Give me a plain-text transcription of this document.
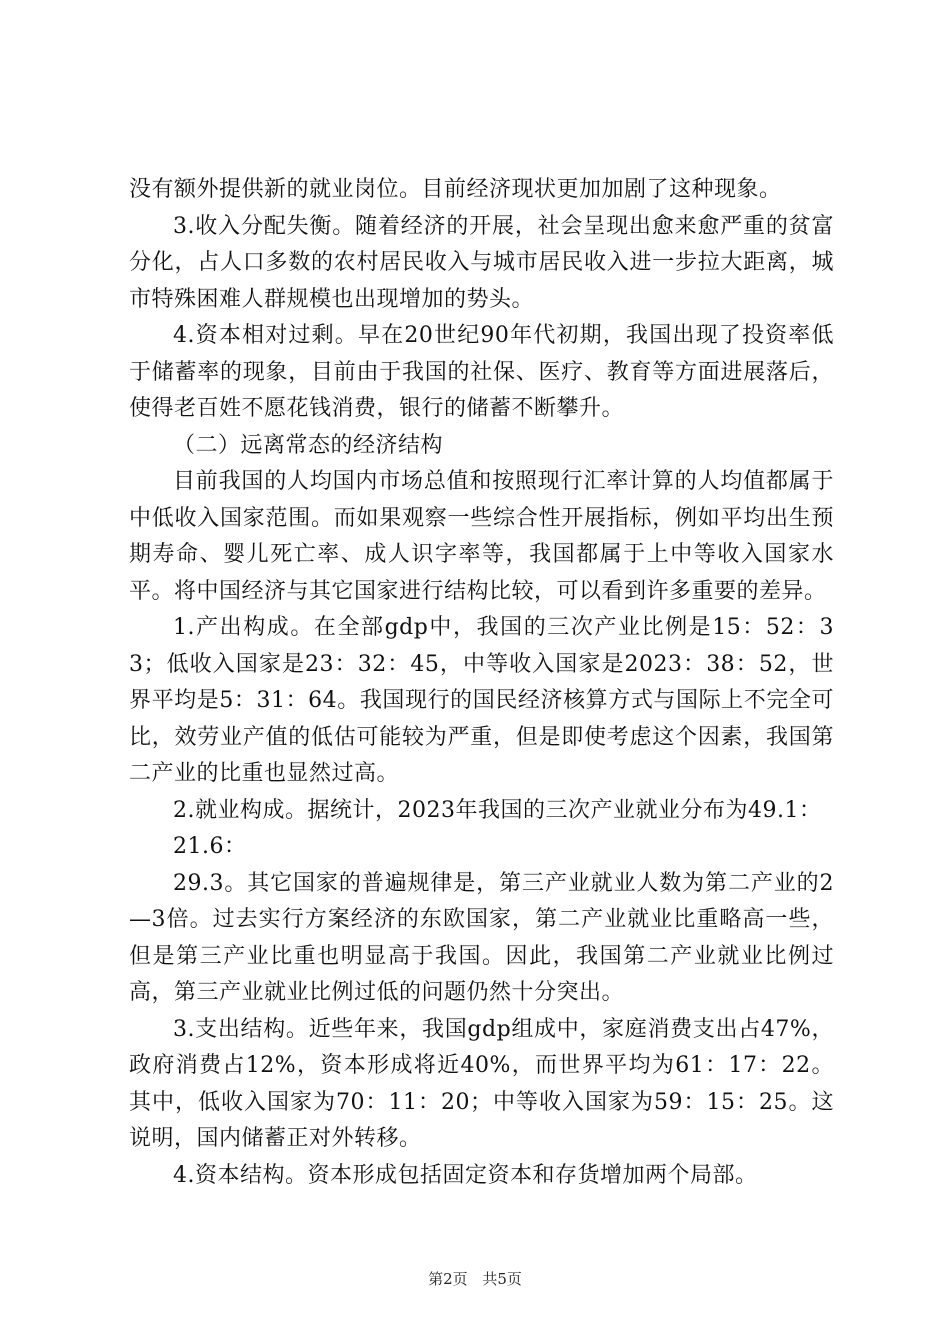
没有额外提供新的就业岗位。目前经济现状更加加剧了这种现象。

3.收入分配失衡。随着经济的开展，社会呈现出愈来愈严重的贫富分化，占人口多数的农村居民收入与城市居民收入进一步拉大距离，城市特殊困难人群规模也出现增加的势头。

4.资本相对过剩。早在20世纪90年代初期，我国出现了投资率低于储蓄率的现象，目前由于我国的社保、医疗、教育等方面进展落后，使得老百姓不愿花钱消费，银行的储蓄不断攀升。

（二）远离常态的经济结构

目前我国的人均国内市场总值和按照现行汇率计算的人均值都属于中低收入国家范围。而如果观察一些综合性开展指标，例如平均出生预期寿命、婴儿死亡率、成人识字率等，我国都属于上中等收入国家水平。将中国经济与其它国家进行结构比较，可以看到许多重要的差异。

1.产出构成。在全部gdp中，我国的三次产业比例是15：52：33；低收入国家是23：32：45，中等收入国家是2023：38：52，世界平均是5：31：64。我国现行的国民经济核算方式与国际上不完全可比，效劳业产值的低估可能较为严重，但是即使考虑这个因素，我国第二产业的比重也显然过高。

2.就业构成。据统计，2023年我国的三次产业就业分布为49.1：

21.6：

29.3。其它国家的普遍规律是，第三产业就业人数为第二产业的2—3倍。过去实行方案经济的东欧国家，第二产业就业比重略高一些，但是第三产业比重也明显高于我国。因此，我国第二产业就业比例过高，第三产业就业比例过低的问题仍然十分突出。

3.支出结构。近些年来，我国gdp组成中，家庭消费支出占47%，政府消费占12%，资本形成将近40%，而世界平均为61：17：22。其中，低收入国家为70：11：20；中等收入国家为59：15：25。这说明，国内储蓄正对外转移。

4.资本结构。资本形成包括固定资本和存货增加两个局部。

第2页 共5页
